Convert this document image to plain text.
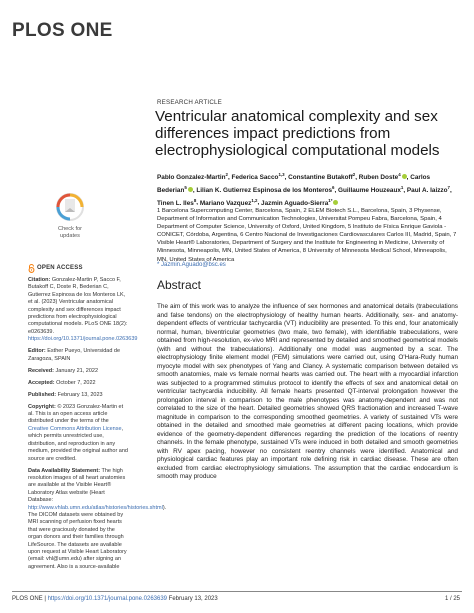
PLOS ONE
RESEARCH ARTICLE
Ventricular anatomical complexity and sex differences impact predictions from electrophysiological computational models
Pablo Gonzalez-Martin$^2$, Federica Sacco$^{1,3}$, Constantine Butakoff$^2$, Ruben Doste$^4$ , Carlos Bederian$^5$ , Lilian K. Gutierrez Espinosa de los Monteros$^6$, Guillaume Houzeaux$^1$, Paul A. Iaizzo$^7$, Tinen L. Iles$^8$, Mariano Vazquez$^{1,2}$, Jazmin Aguado-Sierra$^{1*}$
1 Barcelona Supercomputing Center, Barcelona, Spain, 2 ELEM Biotech S.L., Barcelona, Spain, 3 Physense, Department of Information and Communication Technologies, Universitat Pompeu Fabra, Barcelona, Spain, 4 Department of Computer Science, University of Oxford, United Kingdom, 5 Instituto de Física Enrique Gaviola - CONICET, Córdoba, Argentina, 6 Centro Nacional de Investigaciones Cardiovasculares Carlos III, Madrid, Spain, 7 Visible Heart® Laboratories, Department of Surgery and the Institute for Engineering in Medicine, University of Minnesota, Minneapolis, MN, United States of America, 8 University of Minnesota Medical School, Minneapolis, MN, United States of America
* Jazmin.Aguado@bsc.es
Abstract
The aim of this work was to analyze the influence of sex hormones and anatomical details (trabeculations and false tendons) on the electrophysiology of healthy human hearts. Additionally, sex- and anatomy-dependent effects of ventricular tachycardia (VT) inducibility are presented. To this end, four anatomically normal, human, biventricular geometries (two male, two female), with identifiable trabeculations, were obtained from high-resolution, ex-vivo MRI and represented by detailed and smoothed geometrical models (with and without the trabeculations). Additionally one model was augmented by a scar. The electrophysiology finite element model (FEM) simulations were carried out, using O'Hara-Rudy human myocyte model with sex phenotypes of Yang and Clancy. A systematic comparison between detailed vs smooth anatomies, male vs female normal hearts was carried out. The heart with a myocardial infarction was subjected to a programmed stimulus protocol to identify the effects of sex and anatomical detail on ventricular tachycardia inducibility. All female hearts presented QT-interval prolongation however the prolongation interval in comparison to the male phenotypes was anatomy-dependent and was not correlated to the size of the heart. Detailed geometries showed QRS fractionation and increased T-wave magnitude in comparison to the corresponding smoothed geometries. A variety of sustained VTs were obtained in the detailed and smoothed male geometries at different pacing locations, which provide evidence of the geometry-dependent differences regarding the prediction of the locations of reentry channels. In the female phenotype, sustained VTs were induced in both detailed and smooth geometries with RV apex pacing, however no consistent reentry channels were identified. Anatomical and physiological cardiac features play an important role defining risk in cardiac disease. These are often excluded from cardiac electrophysiology simulations. The assumption that the cardiac endocardium is smooth may produce
Check for updates
OPEN ACCESS

Citation: Gonzalez-Martin P, Sacco F, Butakoff C, Doste R, Bederian C, Gutierrez Espinosa de los Monteros LK, et al. (2023) Ventricular anatomical complexity and sex differences impact predictions from electrophysiological computational models. PLoS ONE 18(2): e0263639. https://doi.org/10.1371/journal.pone.0263639

Editor: Esther Pueyo, Universidad de Zaragoza, SPAIN

Received: January 21, 2022

Accepted: October 7, 2022

Published: February 13, 2023

Copyright: © 2023 Gonzalez-Martin et al. This is an open access article distributed under the terms of the Creative Commons Attribution License, which permits unrestricted use, distribution, and reproduction in any medium, provided the original author and source are credited.

Data Availability Statement: The high resolution images of all heart anatomies are available at the Visible Heart® Laboratory Atlas website (Heart Database: http://www.vhlab.umn.edu/atlas/histories/histories.shtml). The DICOM datasets were obtained by MRI scanning of perfusion fixed hearts that were graciously donated by the organ donors and their families through LifeSource. The datasets are available upon request at Visible Heart Laboratory (email: vhl@umn.edu) after signing an agreement. Also is a source-available

PLOS ONE | https://doi.org/10.1371/journal.pone.0263639 February 13, 2023	1 / 25
